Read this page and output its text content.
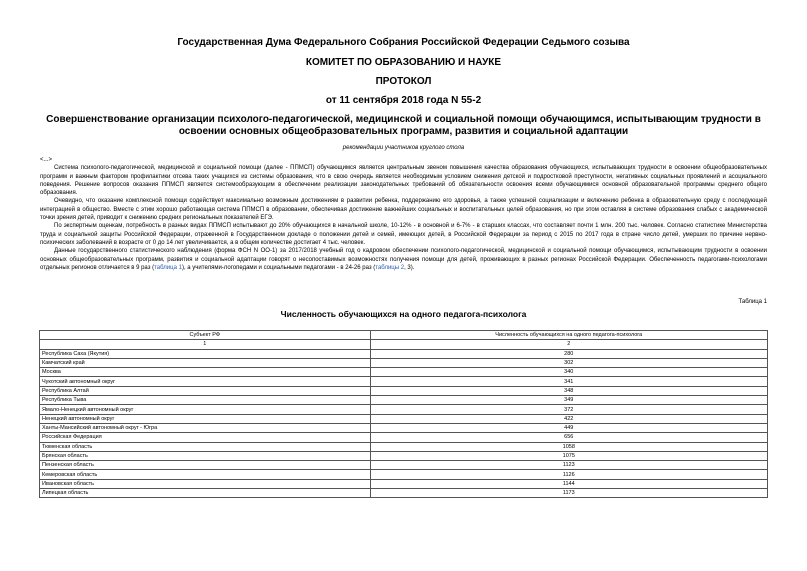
Государственная Дума Федерального Собрания Российской Федерации Седьмого созыва
КОМИТЕТ ПО ОБРАЗОВАНИЮ И НАУКЕ
ПРОТОКОЛ
от 11 сентября 2018 года N 55-2
Совершенствование организации психолого-педагогической, медицинской и социальной помощи обучающимся, испытывающим трудности в освоении основных общеобразовательных программ, развития и социальной адаптации
рекомендации участников круглого стола

<...>

Система психолого-педагогической, медицинской и социальной помощи (далее - ППМСП) обучающимся является центральным звеном повышения качества образования обучающихся, испытывающих трудности в освоении общеобразовательных программ и важным фактором профилактики отсева таких учащихся из системы образования, что в свою очередь является необходимым условием снижения детской и подростковой преступности, негативных социальных проявлений и асоциального поведения. Решение вопросов оказания ППМСП является системообразующим в обеспечении реализации законодательных требований об обязательности освоения всеми обучающимися основной образовательной программы среднего общего образования.

Очевидно, что оказание комплексной помощи содействует максимально возможным достижениям в развитии ребенка, поддержанию его здоровья, а также успешной социализации и включению ребенка в образовательную среду с последующей интеграцией в общество. Вместе с этим хорошо работающая система ППМСП в образовании, обеспечивая достижение важнейших социальных и воспитательных целей образования, но при этом оставляя в системе образования слабых с академической точки зрения детей, приводит к снижению средних региональных показателей ЕГЭ.

По экспертным оценкам, потребность в разных видах ППМСП испытывают до 20% обучающихся в начальной школе, 10-12% - в основной и 6-7% - в старших классах, что составляет почти 1 млн. 200 тыс. человек. Согласно статистике Министерства труда и социальной защиты Российской Федерации, отраженной в Государственном докладе о положении детей и семей, имеющих детей, в Российской Федерации за период с 2015 по 2017 года в стране число детей, умерших по причине нервно-психических заболеваний в возрасте от 0 до 14 лет увеличивается, а в общем количестве достигает 4 тыс. человек.

Данные государственного статистического наблюдения (форма ФСН N ОО-1) за 2017/2018 учебный год о кадровом обеспечении психолого-педагогической, медицинской и социальной помощи обучающимся, испытывающим трудности в освоении основных общеобразовательных программ, развития и социальной адаптации говорят о несопоставимых возможностях получения помощи для детей, проживающих в разных регионах Российской Федерации. Обеспеченность педагогами-психологами отдельных регионов отличается в 9 раз (таблица 1), а учителями-логопедами и социальными педагогами - в 24-26 раз (таблицы 2, 3).

Таблица 1
Численность обучающихся на одного педагога-психолога
Субъект РФ	Численность обучающихся на одного педагога-психолога
1	2
Республика Саха (Якутия)	280
Камчатский край	302
Москва	340
Чукотский автономный округ	341
Республика Алтай	348
Республика Тыва	349
Ямало-Ненецкий автономный округ	372
Ненецкий автономный округ	422
Ханты-Мансийский автономный округ - Югра	449
Российская Федерация	656
Тюменская область	1058
Брянская область	1075
Пензенская область	1123
Кемеровская область	1126
Ивановская область	1144
Липецкая область	1173
